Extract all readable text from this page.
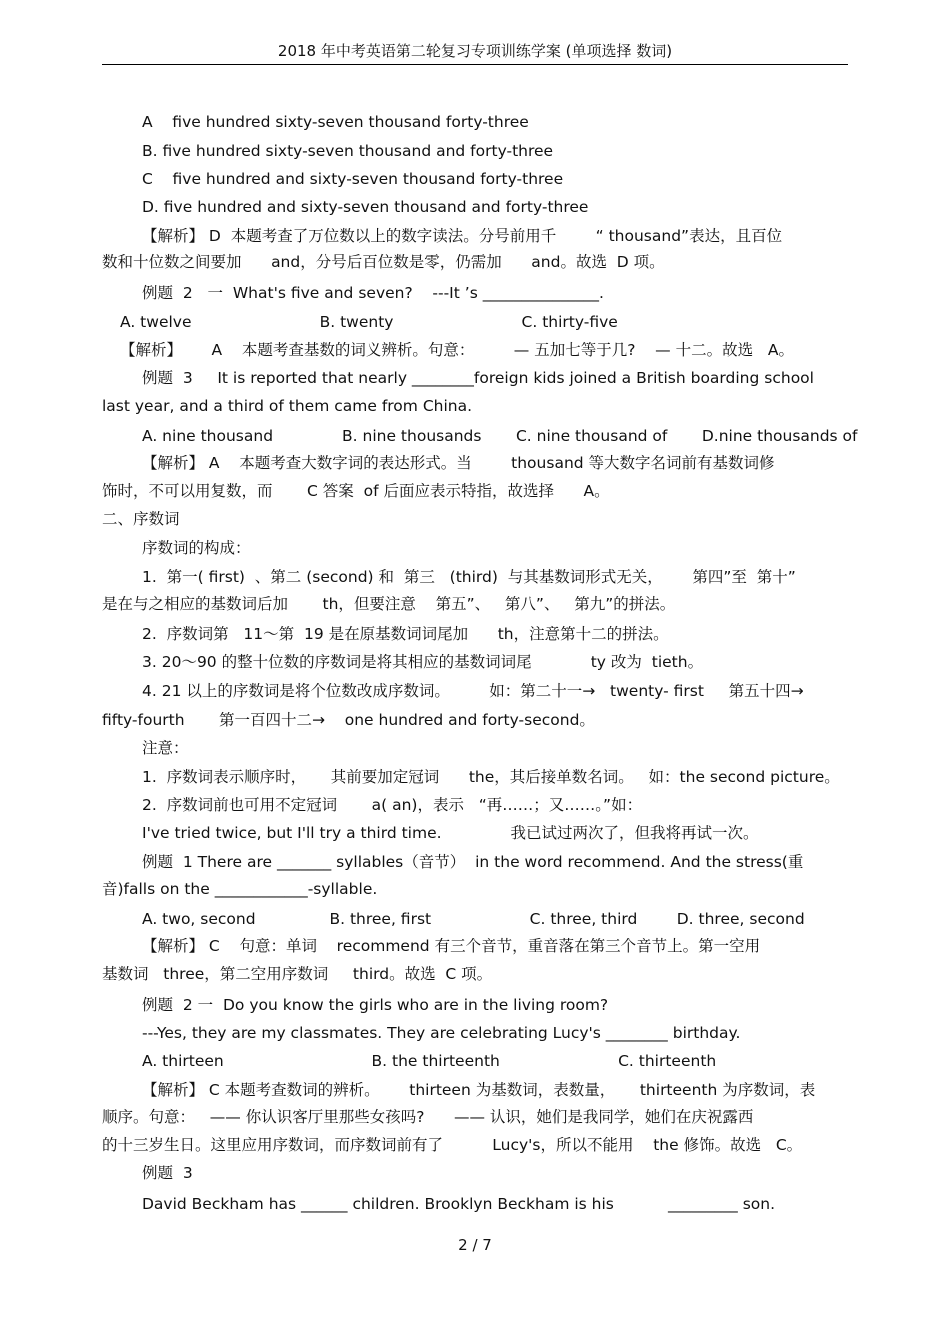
2018 年中考英语第二轮复习专项训练学案 (单项选择 数词)
A    five hundred sixty-seven thousand forty-three
B. five hundred sixty-seven thousand and forty-three
C    five hundred and sixty-seven thousand forty-three
D. five hundred and sixty-seven thousand and forty-three
【解析】 D  本题考查了万位数以上的数字读法。分号前用千        “ thousand”表达，且百位
数和十位数之间要加      and，分号后百位数是零，仍需加      and。故选  D 项。
例题  2   一  What's five and seven?    ---It ’s _______________.
A. twelve                          B. twenty                          C. thirty-five
【解析】      A    本题考查基数的词义辨析。句意：        — 五加七等于几?    — 十二。故选   A。
例题  3     It is reported that nearly ________foreign kids joined a British boarding school
last year, and a third of them came from China.
A. nine thousand              B. nine thousands       C. nine thousand of       D.nine thousands of
【解析】 A    本题考查大数字词的表达形式。当        thousand 等大数字名词前有基数词修
饰时，不可以用复数，而       C 答案  of 后面应表示特指，故选择      A。
二、序数词
序数词的构成：
1.  第一( first)  、第二 (second) 和  第三   (third)  与其基数词形式无关，      第四”至  第十”
是在与之相应的基数词后加       th，但要注意    第五”、   第八”、   第九”的拼法。
2.  序数词第   11～第  19 是在原基数词词尾加      th，注意第十二的拼法。
3. 20～90 的整十位数的序数词是将其相应的基数词词尾            ty 改为  tieth。
4. 21 以上的序数词是将个位数改成序数词。        如：第二十一→   twenty- first     第五十四→
fifty-fourth       第一百四十二→    one hundred and forty-second。
注意：
1.  序数词表示顺序时，     其前要加定冠词      the，其后接单数名词。   如：the second picture。
2.  序数词前也可用不定冠词       a( an)，表示   “再……；又……。”如：
I've tried twice, but I'll try a third time.              我已试过两次了，但我将再试一次。
例题  1 There are _______ syllables（音节）  in the word recommend. And the stress(重
音)falls on the ____________-syllable.
A. two, second               B. three, first                    C. three, third        D. three, second
【解析】 C    句意：单词    recommend 有三个音节，重音落在第三个音节上。第一空用
基数词   three，第二空用序数词     third。故选  C 项。
例题  2 一  Do you know the girls who are in the living room?
---Yes, they are my classmates. They are celebrating Lucy's ________ birthday.
A. thirteen                              B. the thirteenth                        C. thirteenth
【解析】 C 本题考查数词的辨析。      thirteen 为基数词，表数量，     thirteenth 为序数词，表
顺序。句意：   —— 你认识客厅里那些女孩吗?      —— 认识，她们是我同学，她们在庆祝露西
的十三岁生日。这里应用序数词，而序数词前有了          Lucy's，所以不能用    the 修饰。故选   C。
例题  3
David Beckham has ______ children. Brooklyn Beckham is his           _________ son.
2 / 7
